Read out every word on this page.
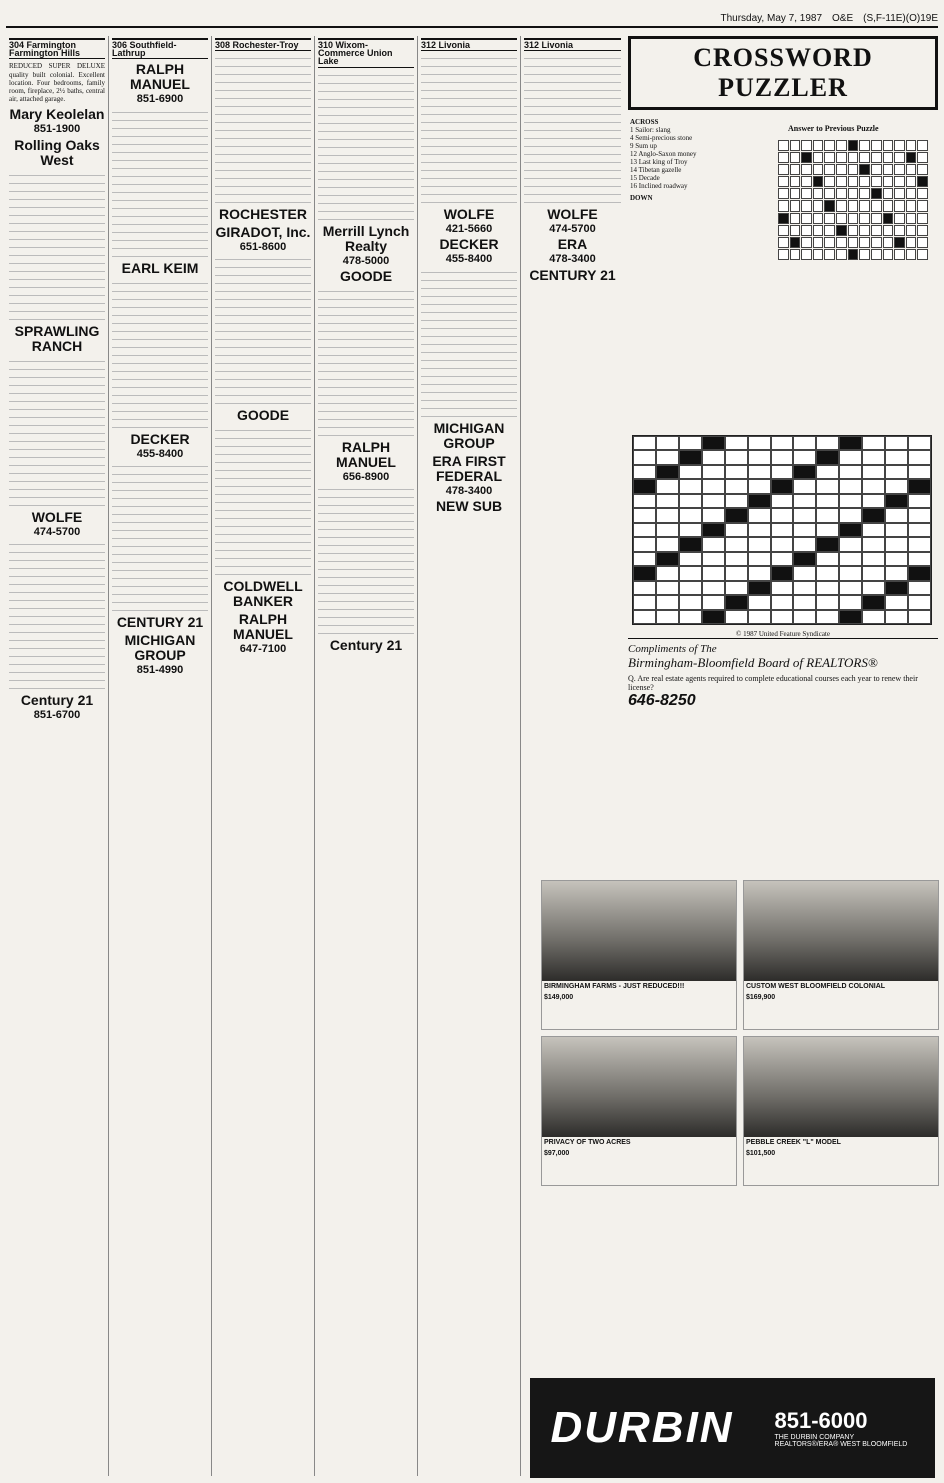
Thursday, May 7, 1987 O&E (S,F-11E)(O)19E
304 Farmington Farmington Hills
REDUCED SUPER DELUXE quality built colonial. Excellent location. Four bedrooms, family room, fireplace, 2½ baths, central air, attached garage.
Mary Keolelan
851-1900
Rolling Oaks West
SPRAWLING RANCH
WOLFE
474-5700
Century 21
851-6700
306 Southfield-Lathrup
RALPH MANUEL
851-6900
EARL KEIM
DECKER
455-8400
CENTURY 21
MICHIGAN GROUP
851-4990
308 Rochester-Troy
ROCHESTER
GIRADOT, Inc.
651-8600
GOODE
COLDWELL BANKER
RALPH MANUEL
647-7100
310 Wixom-Commerce Union Lake
Merrill Lynch Realty
478-5000
GOODE
RALPH MANUEL
656-8900
Century 21
312 Livonia
WOLFE
421-5660
DECKER
455-8400
MICHIGAN GROUP
ERA FIRST FEDERAL
478-3400
NEW SUB
312 Livonia
WOLFE
474-5700
ERA
478-3400
CENTURY 21
CROSSWORD PUZZLER
ACROSS
1 Sailor: slang
4 Semi-precious stone
9 Sum up
12 Anglo-Saxon money
13 Last king of Troy
14 Tibetan gazelle
15 Decade
16 Inclined roadway
DOWN
Answer to Previous Puzzle
© 1987 United Feature Syndicate
Compliments of The
Birmingham-Bloomfield Board of REALTORS®
Q. Are real estate agents required to complete educational courses each year to renew their license?
646-8250
BIRMINGHAM FARMS - JUST REDUCED!!!
$149,000
CUSTOM WEST BLOOMFIELD COLONIAL
$169,900
PRIVACY OF TWO ACRES
$97,000
PEBBLE CREEK "L" MODEL
$101,500
DURBIN 851-6000
THE DURBIN COMPANY REALTORS®/ERA® WEST BLOOMFIELD
